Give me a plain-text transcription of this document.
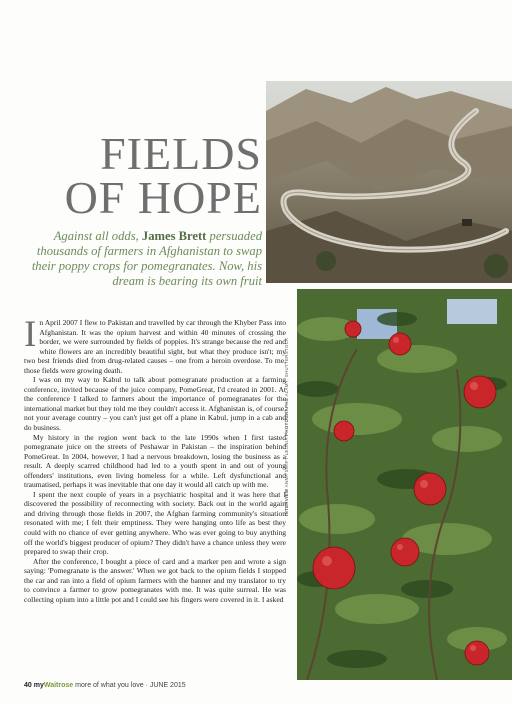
FIELDS
OF HOPE

Against all odds, James Brett persuaded thousands of farmers in Afghanistan to swap their poppy crops for pomegranates. Now, his dream is bearing its own fruit

INTERVIEW ANNA SWIFT-LEONIA PHOTOGRAPHS ALAMY, SHUTTERSTOCK

In April 2007 I flew to Pakistan and travelled by car through the Khyber Pass into Afghanistan. It was the opium harvest and within 40 minutes of crossing the border, we were surrounded by fields of poppies. It's strange because the red and white flowers are an incredibly beautiful sight, but what they produce isn't; my two best friends died from drug-related causes – one from a heroin overdose. To me, those fields were growing death.

I was on my way to Kabul to talk about pomegranate production at a farming conference, invited because of the juice company, PomeGreat, I'd created in 2001. At the conference I talked to farmers about the importance of pomegranates for the international market but they told me they couldn't access it. Afghanistan is, of course, not your average country – you can't just get off a plane in Kabul, jump in a cab and do business.

My history in the region went back to the late 1990s when I first tasted pomegranate juice on the streets of Peshawar in Pakistan – the inspiration behind PomeGreat. In 2004, however, I had a nervous breakdown, losing the business as a result. A deeply scarred childhood had led to a youth spent in and out of young offenders' institutions, even living homeless for a while. Left dysfunctional and traumatised, perhaps it was inevitable that one day it would all catch up with me.

I spent the next couple of years in a psychiatric hospital and it was here that I discovered the possibility of reconnecting with society. Back out in the world again and driving through those fields in 2007, the Afghan farming community's situation resonated with me; I felt their emptiness. They were hanging onto life as best they could with no chance of ever getting anywhere. Who was ever going to buy anything off the world's biggest producer of opium? They didn't have a chance unless they were prepared to swap their crop.

After the conference, I bought a piece of card and a marker pen and wrote a sign saying: 'Pomegranate is the answer.' When we got back to the opium fields I stopped the car and ran into a field of opium farmers with the banner and my translator to try to convince a farmer to grow pomegranates with me. It was quite surreal. He was collecting opium into a little pot and I could see his fingers were covered in it. I asked

40 myWaitrose more of what you love · JUNE 2015
